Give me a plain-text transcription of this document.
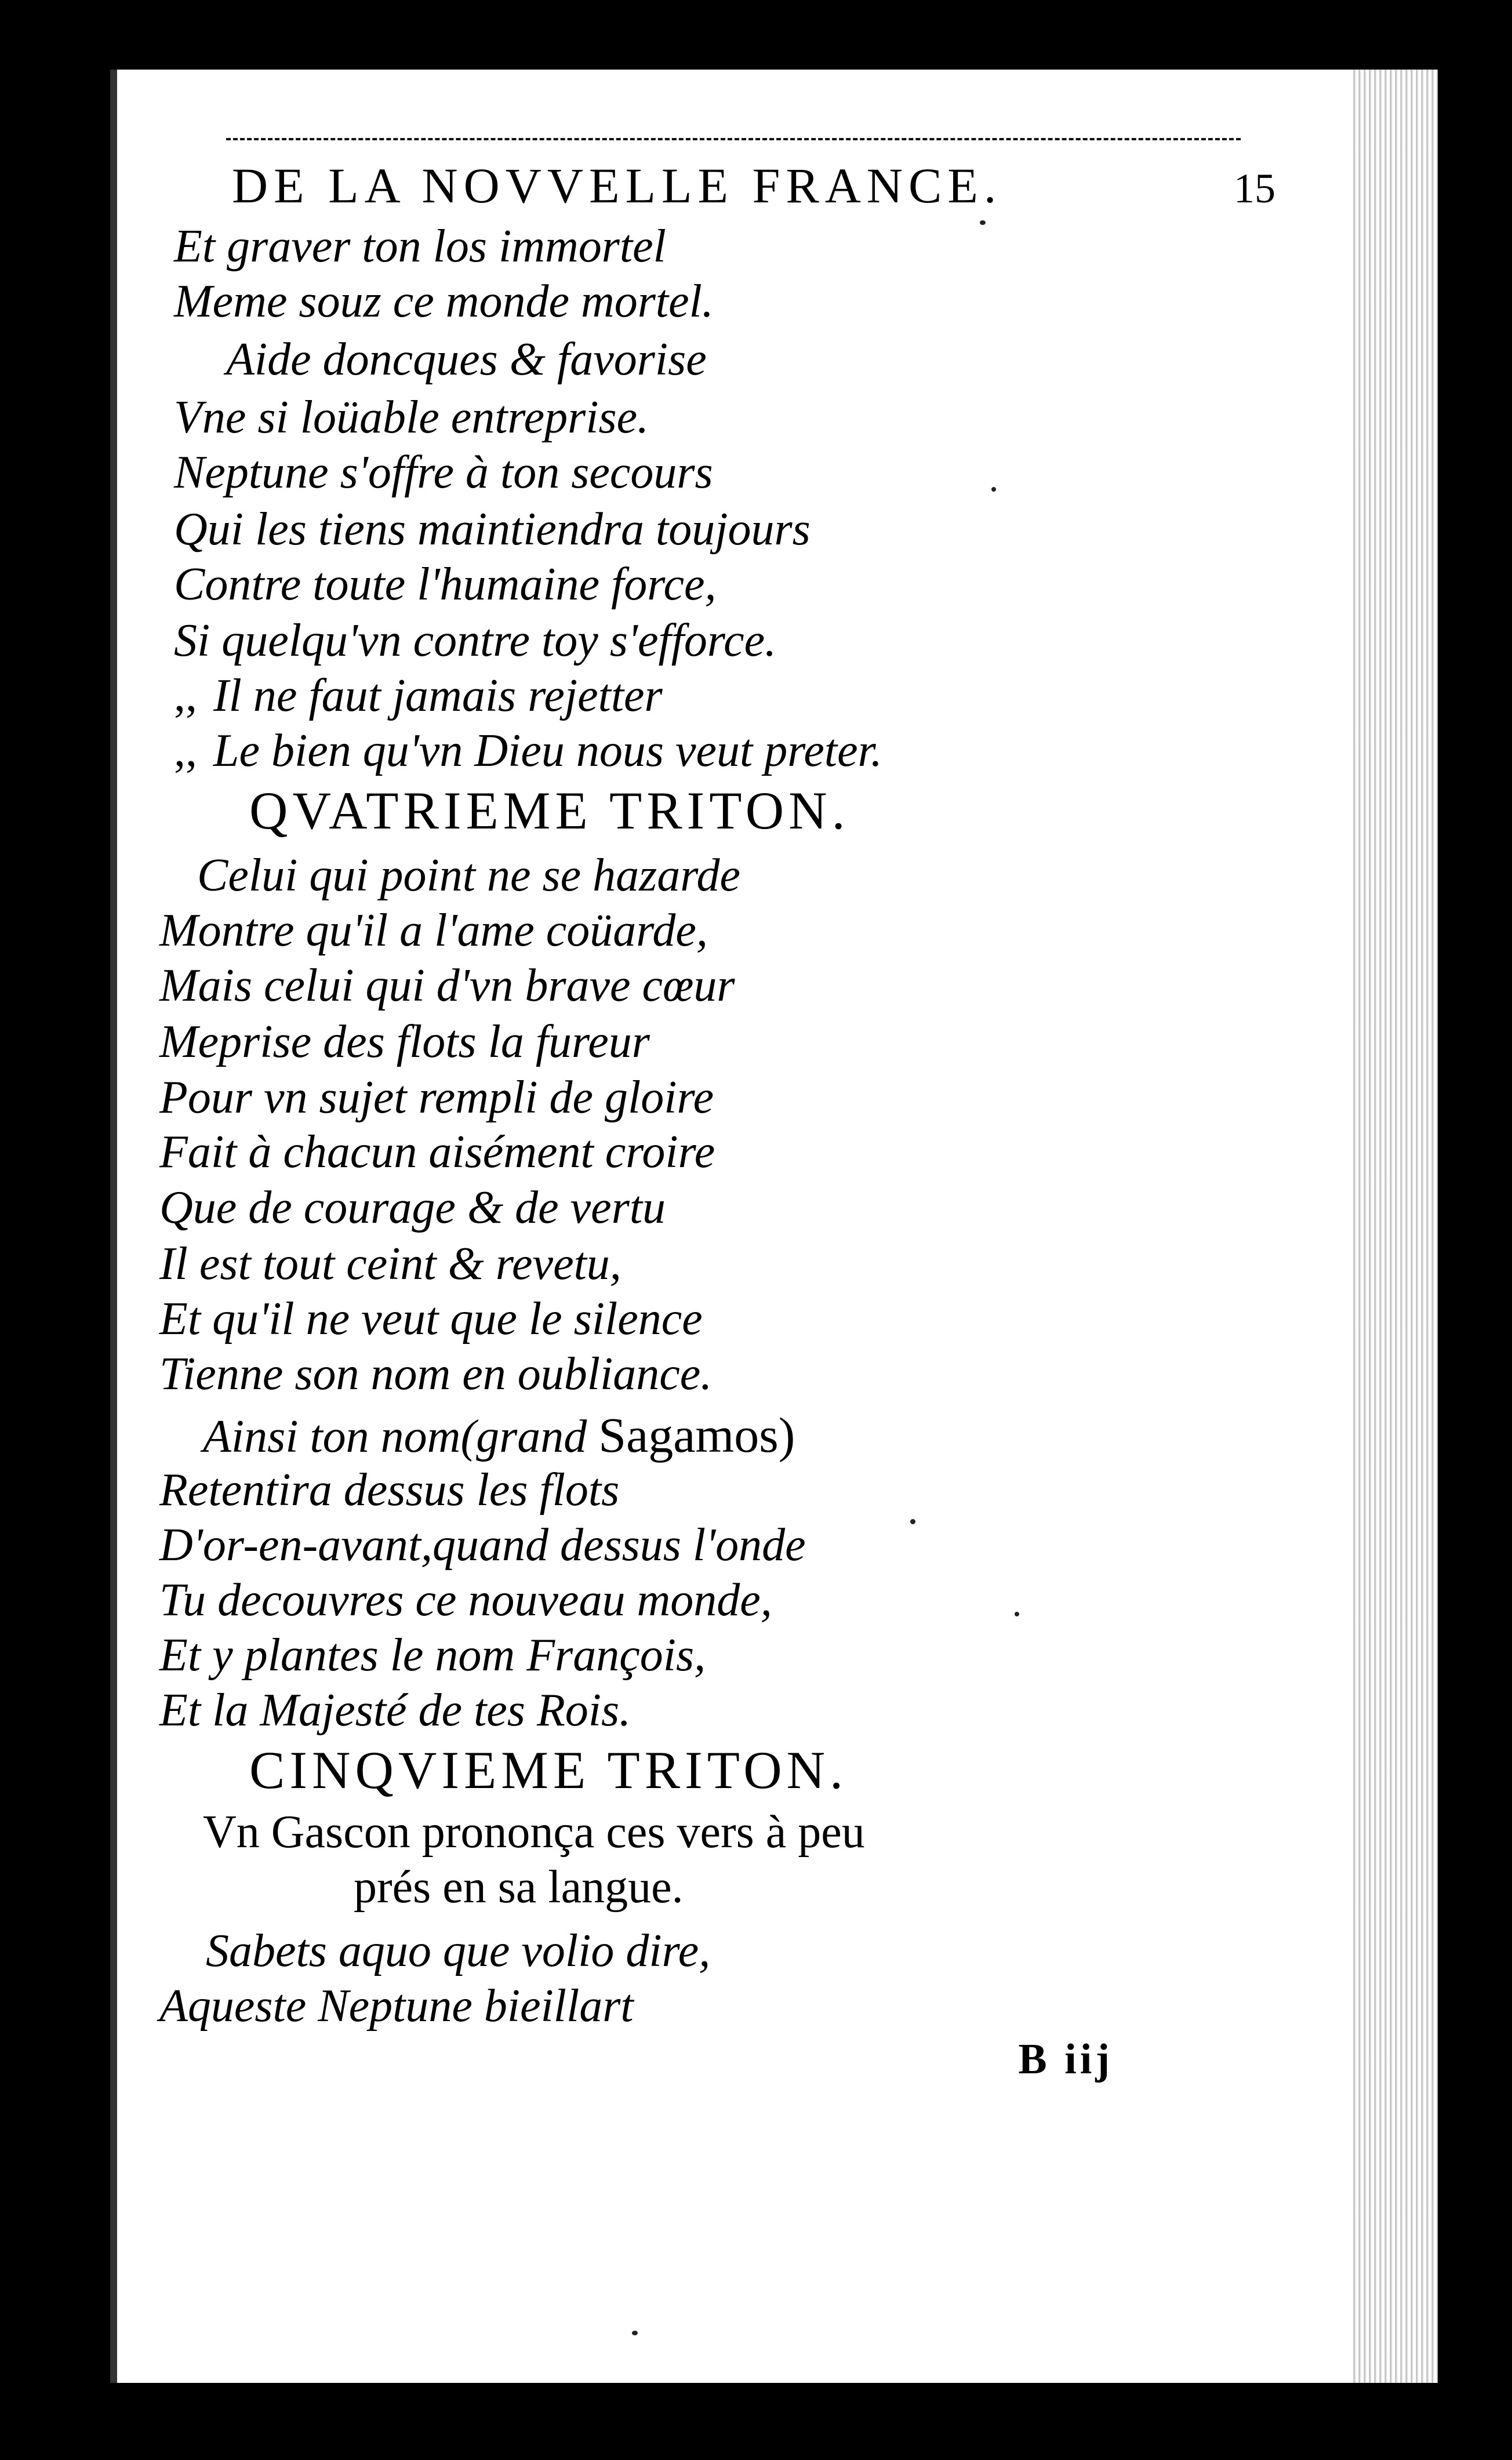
DE LA NOVVELLE FRANCE.	15
Et graver ton los immortel
Meme souz ce monde mortel.
Aide doncques & favorise
Vne si loüable entreprise.
Neptune s'offre à ton secours
Qui les tiens maintiendra toujours
Contre toute l'humaine force,
Si quelqu'vn contre toy s'efforce.
,, Il ne faut jamais rejetter
,, Le bien qu'vn Dieu nous veut preter.
QVATRIEME TRITON.
Celui qui point ne se hazarde
Montre qu'il a l'ame coüarde,
Mais celui qui d'vn brave cœur
Meprise des flots la fureur
Pour vn sujet rempli de gloire
Fait à chacun aisément croire
Que de courage & de vertu
Il est tout ceint & revetu,
Et qu'il ne veut que le silence
Tienne son nom en oubliance.
Ainsi ton nom(grand Sagamos)
Retentira dessus les flots
D'or-en-avant,quand dessus l'onde
Tu decouvres ce nouveau monde,
Et y plantes le nom François,
Et la Majesté de tes Rois.
CINQVIEME TRITON.
Vn Gascon prononça ces vers à peu
prés en sa langue.
Sabets aquo que volio dire,
Aqueste Neptune bieillart
B iij
